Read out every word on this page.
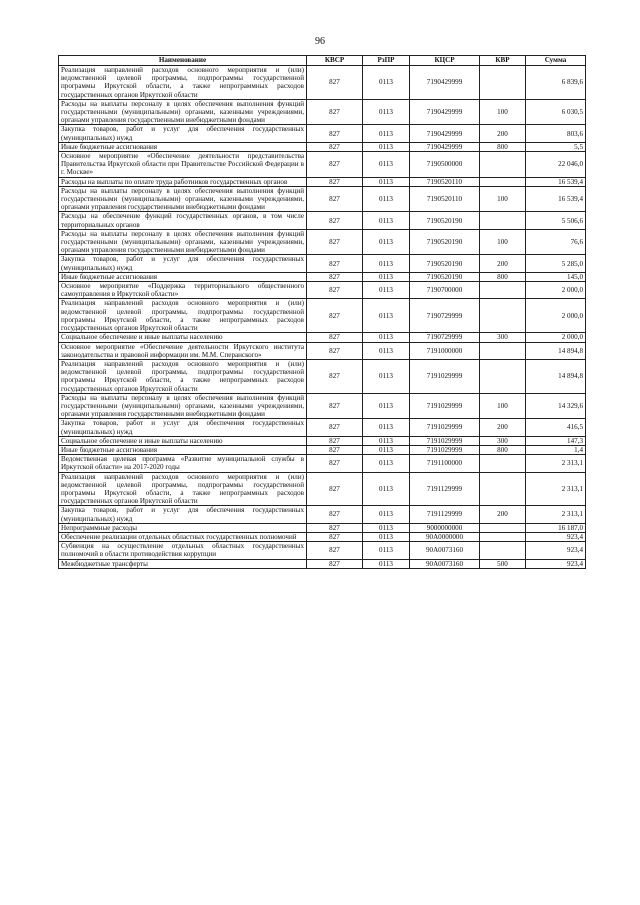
96
Наименование	КВСР	РзПР	КЦСР	КВР	Сумма
Реализация направлений расходов основного мероприятия и (или) ведомственной целевой программы, подпрограммы государственной программы Иркутской области, а также непрограммных расходов государственных органов Иркутской области	827	0113	7190429999		6 839,6
Расходы на выплаты персоналу в целях обеспечения выполнения функций государственными (муниципальными) органами, казенными учреждениями, органами управления государственными внебюджетными фондами	827	0113	7190429999	100	6 030,5
Закупка товаров, работ и услуг для обеспечения государственных (муниципальных) нужд	827	0113	7190429999	200	803,6
Иные бюджетные ассигнования	827	0113	7190429999	800	5,5
Основное мероприятие «Обеспечение деятельности представительства Правительства Иркутской области при Правительстве Российской Федерации в г. Москве»	827	0113	7190500000		22 046,0
Расходы на выплаты по оплате труда работников государственных органов	827	0113	7190520110		16 539,4
Расходы на выплаты персоналу в целях обеспечения выполнения функций государственными (муниципальными) органами, казенными учреждениями, органами управления государственными внебюджетными фондами	827	0113	7190520110	100	16 539,4
Расходы на обеспечение функций государственных органов, в том числе территориальных органов	827	0113	7190520190		5 506,6
Расходы на выплаты персоналу в целях обеспечения выполнения функций государственными (муниципальными) органами, казенными учреждениями, органами управления государственными внебюджетными фондами	827	0113	7190520190	100	76,6
Закупка товаров, работ и услуг для обеспечения государственных (муниципальных) нужд	827	0113	7190520190	200	5 285,0
Иные бюджетные ассигнования	827	0113	7190520190	800	145,0
Основное мероприятие «Поддержка территориального общественного самоуправления в Иркутской области»	827	0113	7190700000		2 000,0
Реализация направлений расходов основного мероприятия и (или) ведомственной целевой программы, подпрограммы государственной программы Иркутской области, а также непрограммных расходов государственных органов Иркутской области	827	0113	7190729999		2 000,0
Социальное обеспечение и иные выплаты населению	827	0113	7190729999	300	2 000,0
Основное мероприятие «Обеспечение деятельности Иркутского института законодательства и правовой информации им. М.М. Сперанского»	827	0113	7191000000		14 894,8
Реализация направлений расходов основного мероприятия и (или) ведомственной целевой программы, подпрограммы государственной программы Иркутской области, а также непрограммных расходов государственных органов Иркутской области	827	0113	7191029999		14 894,8
Расходы на выплаты персоналу в целях обеспечения выполнения функций государственными (муниципальными) органами, казенными учреждениями, органами управления государственными внебюджетными фондами	827	0113	7191029999	100	14 329,6
Закупка товаров, работ и услуг для обеспечения государственных (муниципальных) нужд	827	0113	7191029999	200	416,5
Социальное обеспечение и иные выплаты населению	827	0113	7191029999	300	147,3
Иные бюджетные ассигнования	827	0113	7191029999	800	1,4
Ведомственная целевая программа «Развитие муниципальной службы в Иркутской области» на 2017-2020 годы	827	0113	7191100000		2 313,1
Реализация направлений расходов основного мероприятия и (или) ведомственной целевой программы, подпрограммы государственной программы Иркутской области, а также непрограммных расходов государственных органов Иркутской области	827	0113	7191129999		2 313,1
Закупка товаров, работ и услуг для обеспечения государственных (муниципальных) нужд	827	0113	7191129999	200	2 313,1
Непрограммные расходы	827	0113	9000000000		16 187,0
Обеспечение реализации отдельных областных государственных полномочий	827	0113	90A0000000		923,4
Субвенция на осуществление отдельных областных государственных полномочий в области противодействия коррупции	827	0113	90A0073160		923,4
Межбюджетные трансферты	827	0113	90A0073160	500	923,4
